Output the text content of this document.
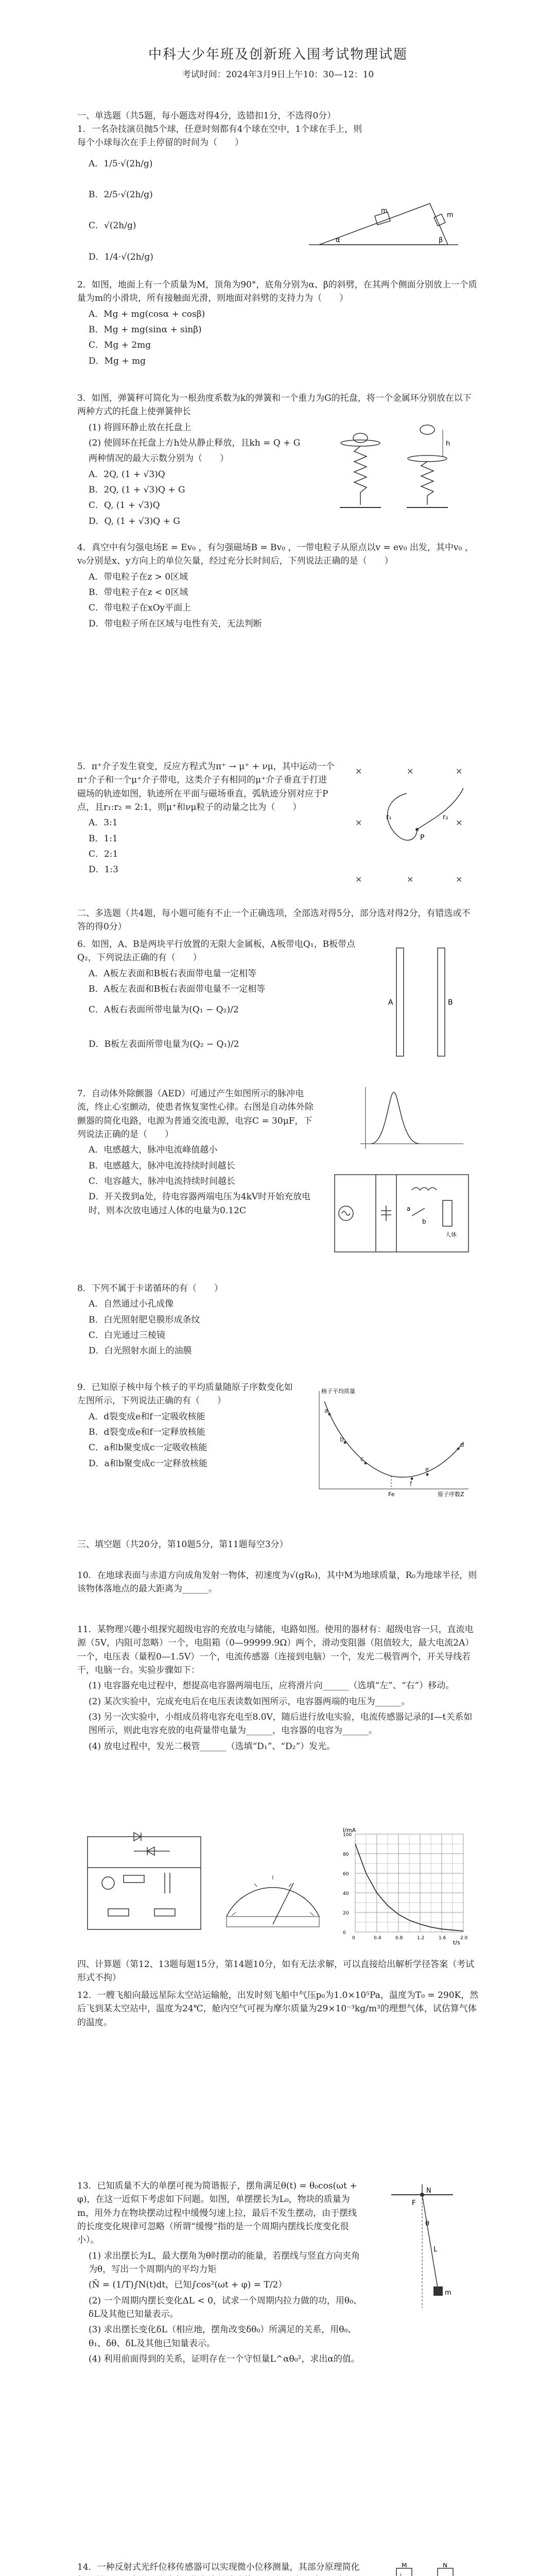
中科大少年班及创新班入围考试物理试题
考试时间：2024年3月9日上午10：30—12：10
一、单选题（共5题，每小题选对得4分，选错扣1分，不选得0分）

1．一名杂技演员抛5个球，任意时刻都有4个球在空中，1个球在手上，则每个小球每次在手上停留的时间为（　　）

A．1/5·√(2h/g)
B．2/5·√(2h/g)
C．√(2h/g)
D．1/4·√(2h/g)
m
m
α	β

2．如图，地面上有一个质量为M，顶角为90°，底角分别为α、β的斜劈，在其两个侧面分别放上一个质量为m的小滑块，所有接触面光滑，则地面对斜劈的支持力为（　　）

A．Mg + mg(cosα + cosβ)
B．Mg + mg(sinα + sinβ)
C．Mg + 2mg
D．Mg + mg

3．如图，弹簧秤可简化为一根劲度系数为k的弹簧和一个重力为G的托盘，将一个金属环分别放在以下两种方式的托盘上使弹簧伸长

(1) 将圆环静止放在托盘上
(2) 使圆环在托盘上方h处从静止释放，且kh = Q + G
两种情况的最大示数分别为（　　）
A．2Q, (1 + √3)Q
B．2Q, (1 + √3)Q + G
C．Q, (1 + √3)Q
D．Q, (1 + √3)Q + G
h

4．真空中有匀强电场E = Ev₀ ，有匀强磁场B = Bv₀ ，一带电粒子从原点以v = ev₀ 出发，其中v₀ ，v₀分别是x、y方向上的单位矢量，经过充分长时间后，下列说法正确的是（　　）

A．带电粒子在z > 0区域
B．带电粒子在z < 0区域
C．带电粒子在xOy平面上
D．带电粒子所在区域与电性有关，无法判断

5．π⁺介子发生衰变，反应方程式为π⁺ → μ⁺ + νμ，其中运动一个π⁺介子和一个μ⁺介子带电，这类介子有相同的μ⁺介子垂直于打进磁场的轨迹如图，轨迹所在平面与磁场垂直，弧轨迹分别对应于P点，且r₁:r₂ = 2:1，则μ⁺和νμ粒子的动量之比为（　　）

A．3:1
B．1:1
C．2:1
D．1:3
×	×	×
×	×
×	×	×
P
r₁	r₂
二、多选题（共4题，每小题可能有不止一个正确选项，全部选对得5分，部分选对得2分，有错选或不答的得0分）

6．如图，A、B是两块平行放置的无限大金属板，A板带电Q₁，B板带点Q₂，下列说法正确的有（　　）

A．A板左表面和B板右表面带电量一定相等
B．A板左表面和B板右表面带电量不一定相等
C．A板右表面所带电量为(Q₁ − Q₂)/2
D．B板左表面所带电量为(Q₂ − Q₁)/2
A	B

7．自动体外除颤器（AED）可通过产生如图所示的脉冲电流，终止心室颤动，使患者恢复窦性心律。右图是自动体外除颤器的简化电路，电源为普通交流电源，电容C = 30μF，下列说法正确的是（　　）

A．电感越大，脉冲电流峰值越小
B．电感越大，脉冲电流持续时间越长
C．电容越大，脉冲电流持续时间越长
D．开关拨到a处，待电容器两端电压为4kV时开始充放电时，则本次放电通过人体的电量为0.12C	a
b
人体

8．下列不属于卡诺循环的有（　　）

A．自然通过小孔成像
B．白光照射肥皂膜形成条纹
C．白光通过三棱镜
D．白光照射水面上的油膜

9．已知原子核中每个核子的平均质量随原子序数变化如左图所示，下列说法正确的有（　　）

A．d裂变成e和f一定吸收核能
B．d裂变成e和f一定释放核能
C．a和b聚变成c一定吸收核能
D．a和b聚变成c一定释放核能
a
b
c
d
e
f
Fe
核子平均质量
原子序数Z
三、填空题（共20分，第10题5分，第11题每空3分）

10．在地球表面与赤道方向成角发射一物体，初速度为√(gR₀)，其中M为地球质量，R₀为地球半径，则该物体落地点的最大距离为______。

11．某物理兴趣小组探究超级电容的充放电与储能，电路如图。使用的器材有：超级电容一只，直流电源（5V，内阻可忽略）一个，电阻箱（0—99999.9Ω）两个，滑动变阻器（阻值较大，最大电流2A）一个，电压表（量程0—1.5V）一个，电流传感器（连接到电脑）一个，发光二极管两个，开关导线若干，电脑一台。实验步骤如下：

(1) 电容器充电过程中，想提高电容器两端电压，应将滑片向______（选填“左”、“右”）移动。
(2) 某次实验中，完成充电后在电压表读数如图所示，电容器两端的电压为______。
(3) 另一次实验中，小组成员将电容充电至8.0V，随后进行放电实验，电流传感器记录的I—t关系如图所示，则此电容充放的电荷量带电量为______，电容器的电容为______。
(4) 放电过程中，发光二极管______（选填“D₁”、“D₂”）发光。
0
20
40
60
80
100
0	0.4	0.8	1.2	1.6	2.0
I/mA
t/s
四、计算题（第12、13题每题15分，第14题10分，如有无法求解，可以直接给出解析学径答案（考试形式不拘）

12．一艘飞船向最远星际太空站运输舱，出发时刻飞船中气压p₀为1.0×10⁵Pa，温度为T₀ = 290K，然后飞到某太空站中，温度为24℃，舱内空气可视为摩尔质量为29×10⁻³kg/m³的理想气体，试估算气体的温度。

13．已知质量不大的单摆可视为简谐振子，摆角满足θ(t) = θ₀cos(ωt + φ)，在这一近似下考虑如下问题。如图，单摆摆长为L₀，物块的质量为m，用外力在物块摆动过程中缓慢匀速上拉，最后不发生摆动，由于摆线的长度变化规律可忽略（所谓“缓慢”指的是一个周期内摆线长度变化很小）。

(1) 求出摆长为L，最大摆角为θ时摆动的能量，若摆线与竖直方向夹角为θ，写出一个周期内的平均力矩
(N̄ = (1/T)∫N(t)dt，已知∫cos²(ωt + φ) = T/2）
(2) 一个周期内摆长变化ΔL < 0，试求一个周期内拉力做的功，用θ₀、δL及其他已知量表示。
(3) 求出摆长变化δL（相应地，摆角改变δθ₀）所满足的关系，用θ₀、θ₁、δθ、δL及其他已知量表示。
(4) 利用前面得到的关系，证明存在一个守恒量L^αθ₀²，求出α的值。
N
θ
L
m
F

14．一种反射式光纤位移传感器可以实现微小位移测量，其部分原理简化	M	N
